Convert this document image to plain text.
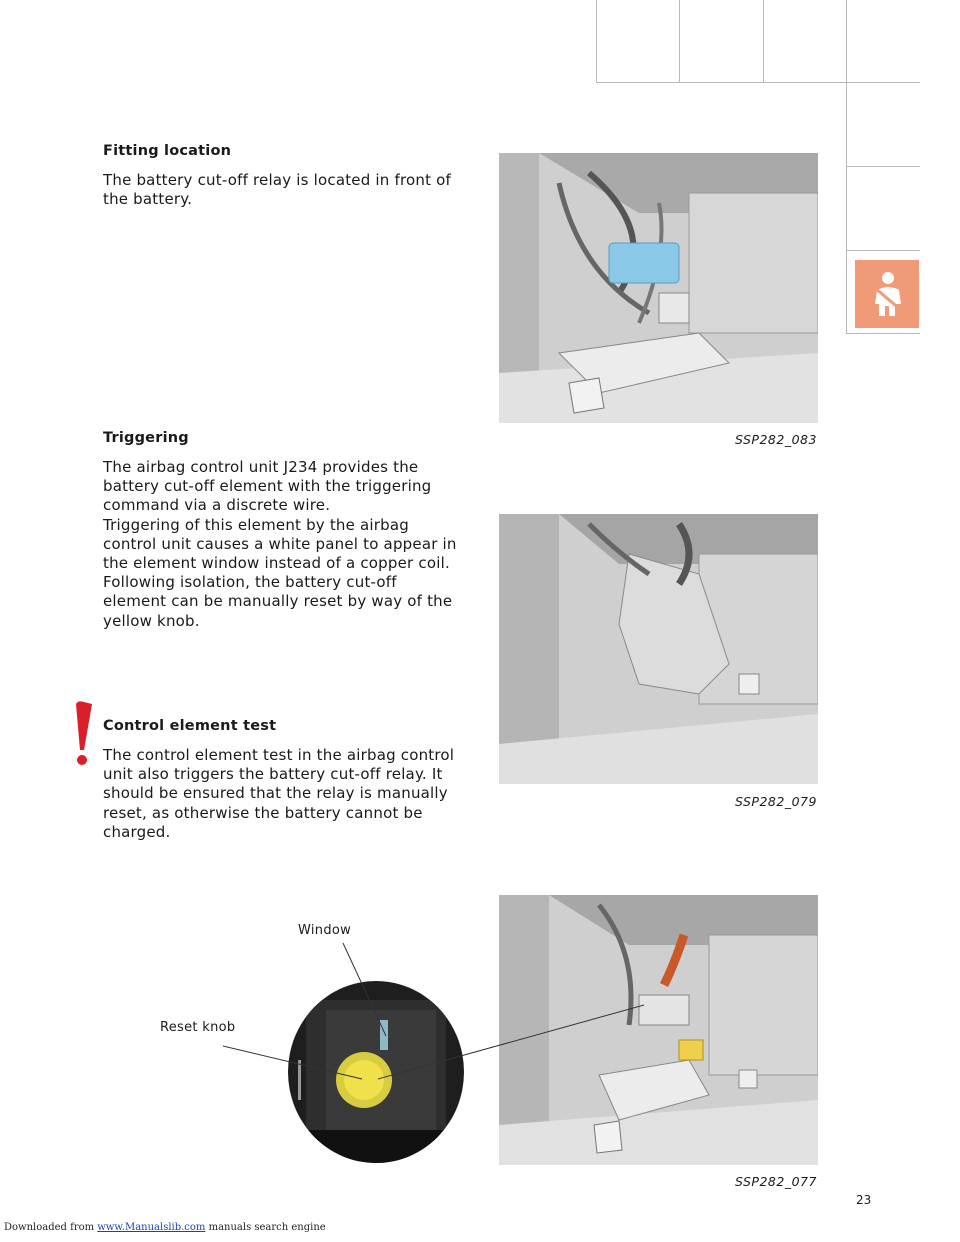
Fitting location
The battery cut-off relay is located in front of
the battery.
SSP282_083
Triggering
The airbag control unit J234 provides the
battery cut-off element with the triggering
command via a discrete wire.
Triggering of this element by the airbag
control unit causes a white panel to appear in
the element window instead of a copper coil.
Following isolation, the battery cut-off
element can be manually reset by way of the
yellow knob.
SSP282_079
Control element test
The control element test in the airbag control
unit also triggers the battery cut-off relay. It
should be ensured that the relay is manually
reset, as otherwise the battery cannot be
charged.
SSP282_077
Window
Reset knob
23
Downloaded from www.Manualslib.com manuals search engine
